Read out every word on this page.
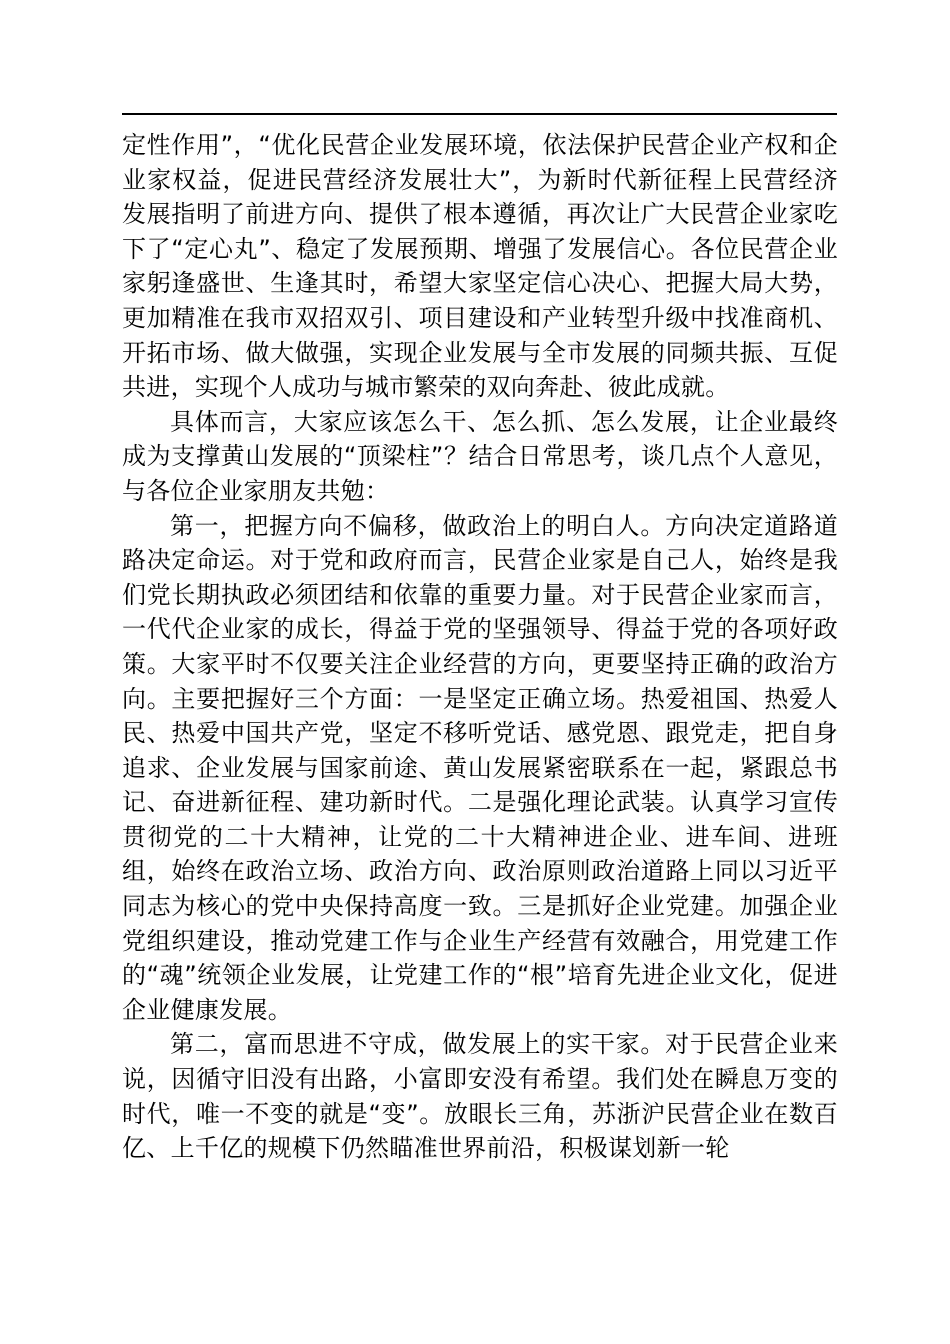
定性作用”，“优化民营企业发展环境，依法保护民营企业产权和企业家权益，促进民营经济发展壮大”，为新时代新征程上民营经济发展指明了前进方向、提供了根本遵循，再次让广大民营企业家吃下了“定心丸”、稳定了发展预期、增强了发展信心。各位民营企业家躬逢盛世、生逢其时，希望大家坚定信心决心、把握大局大势，更加精准在我市双招双引、项目建设和产业转型升级中找准商机、开拓市场、做大做强，实现企业发展与全市发展的同频共振、互促共进，实现个人成功与城市繁荣的双向奔赴、彼此成就。

具体而言，大家应该怎么干、怎么抓、怎么发展，让企业最终成为支撑黄山发展的“顶梁柱”？结合日常思考，谈几点个人意见，与各位企业家朋友共勉：

第一，把握方向不偏移，做政治上的明白人。方向决定道路道路决定命运。对于党和政府而言，民营企业家是自己人，始终是我们党长期执政必须团结和依靠的重要力量。对于民营企业家而言，一代代企业家的成长，得益于党的坚强领导、得益于党的各项好政策。大家平时不仅要关注企业经营的方向，更要坚持正确的政治方向。主要把握好三个方面：一是坚定正确立场。热爱祖国、热爱人民、热爱中国共产党，坚定不移听党话、感党恩、跟党走，把自身追求、企业发展与国家前途、黄山发展紧密联系在一起，紧跟总书记、奋进新征程、建功新时代。二是强化理论武装。认真学习宣传贯彻党的二十大精神，让党的二十大精神进企业、进车间、进班组，始终在政治立场、政治方向、政治原则政治道路上同以习近平同志为核心的党中央保持高度一致。三是抓好企业党建。加强企业党组织建设，推动党建工作与企业生产经营有效融合，用党建工作的“魂”统领企业发展，让党建工作的“根”培育先进企业文化，促进企业健康发展。

第二，富而思进不守成，做发展上的实干家。对于民营企业来说，因循守旧没有出路，小富即安没有希望。我们处在瞬息万变的时代，唯一不变的就是“变”。放眼长三角，苏浙沪民营企业在数百亿、上千亿的规模下仍然瞄准世界前沿，积极谋划新一轮
